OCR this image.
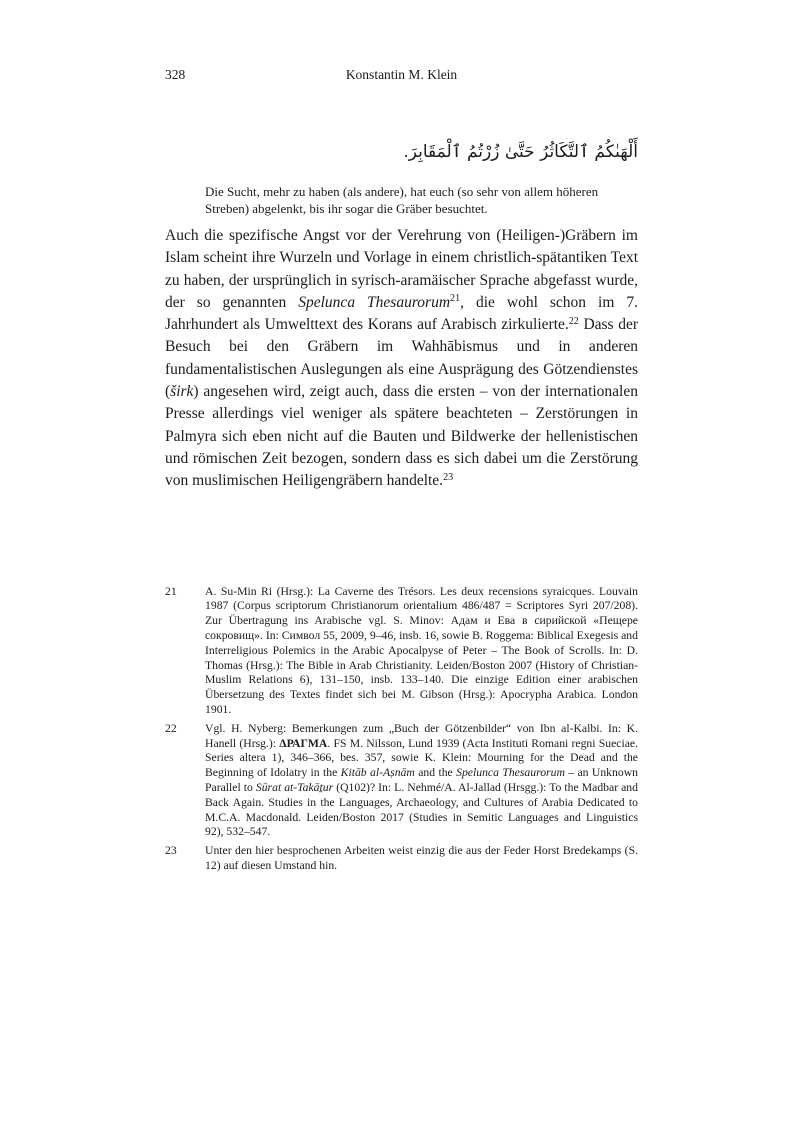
328	Konstantin M. Klein
أَلْهَىٰكُمُ ٱلتَّكَاثُرُ حَتَّىٰ زُرْتُمُ ٱلْمَقَابِرَ.
Die Sucht, mehr zu haben (als andere), hat euch (so sehr von allem höheren Streben) abgelenkt, bis ihr sogar die Gräber besuchtet.
Auch die spezifische Angst vor der Verehrung von (Heiligen-)Gräbern im Islam scheint ihre Wurzeln und Vorlage in einem christlich-spätantiken Text zu haben, der ursprünglich in syrisch-aramäischer Sprache abgefasst wurde, der so genannten Spelunca Thesaurorum$^{21}$, die wohl schon im 7. Jahrhundert als Umwelttext des Korans auf Arabisch zirkulierte.$^{22}$ Dass der Besuch bei den Gräbern im Wahhābismus und in anderen fundamentalistischen Auslegungen als eine Ausprägung des Götzendienstes (širk) angesehen wird, zeigt auch, dass die ersten – von der internationalen Presse allerdings viel weniger als spätere beachteten – Zerstörungen in Palmyra sich eben nicht auf die Bauten und Bildwerke der hellenistischen und römischen Zeit bezogen, sondern dass es sich dabei um die Zerstörung von muslimischen Heiligengräbern handelte.$^{23}$
21	A. Su-Min Ri (Hrsg.): La Caverne des Trésors. Les deux recensions syraicques. Louvain 1987 (Corpus scriptorum Christianorum orientalium 486/487 = Scriptores Syri 207/208). Zur Übertragung ins Arabische vgl. S. Minov: Адам и Ева в сирийской «Пещере сокровищ». In: Символ 55, 2009, 9–46, insb. 16, sowie B. Roggema: Biblical Exegesis and Interreligious Polemics in the Arabic Apocalpyse of Peter – The Book of Scrolls. In: D. Thomas (Hrsg.): The Bible in Arab Christianity. Leiden/Boston 2007 (History of Christian-Muslim Relations 6), 131–150, insb. 133–140. Die einzige Edition einer arabischen Übersetzung des Textes findet sich bei M. Gibson (Hrsg.): Apocrypha Arabica. London 1901.
22	Vgl. H. Nyberg: Bemerkungen zum „Buch der Götzenbilder“ von Ibn al-Kalbi. In: K. Hanell (Hrsg.): ΔΡΑΓΜΑ. FS M. Nilsson, Lund 1939 (Acta Instituti Romani regni Sueciae. Series altera 1), 346–366, bes. 357, sowie K. Klein: Mourning for the Dead and the Beginning of Idolatry in the Kitāb al-Aṣnām and the Spelunca Thesaurorum – an Unknown Parallel to Sūrat at-Takāṯur (Q102)? In: L. Nehmé/A. Al-Jallad (Hrsgg.): To the Madbar and Back Again. Studies in the Languages, Archaeology, and Cultures of Arabia Dedicated to M.C.A. Macdonald. Leiden/Boston 2017 (Studies in Semitic Languages and Linguistics 92), 532–547.
23	Unter den hier besprochenen Arbeiten weist einzig die aus der Feder Horst Bredekamps (S. 12) auf diesen Umstand hin.
